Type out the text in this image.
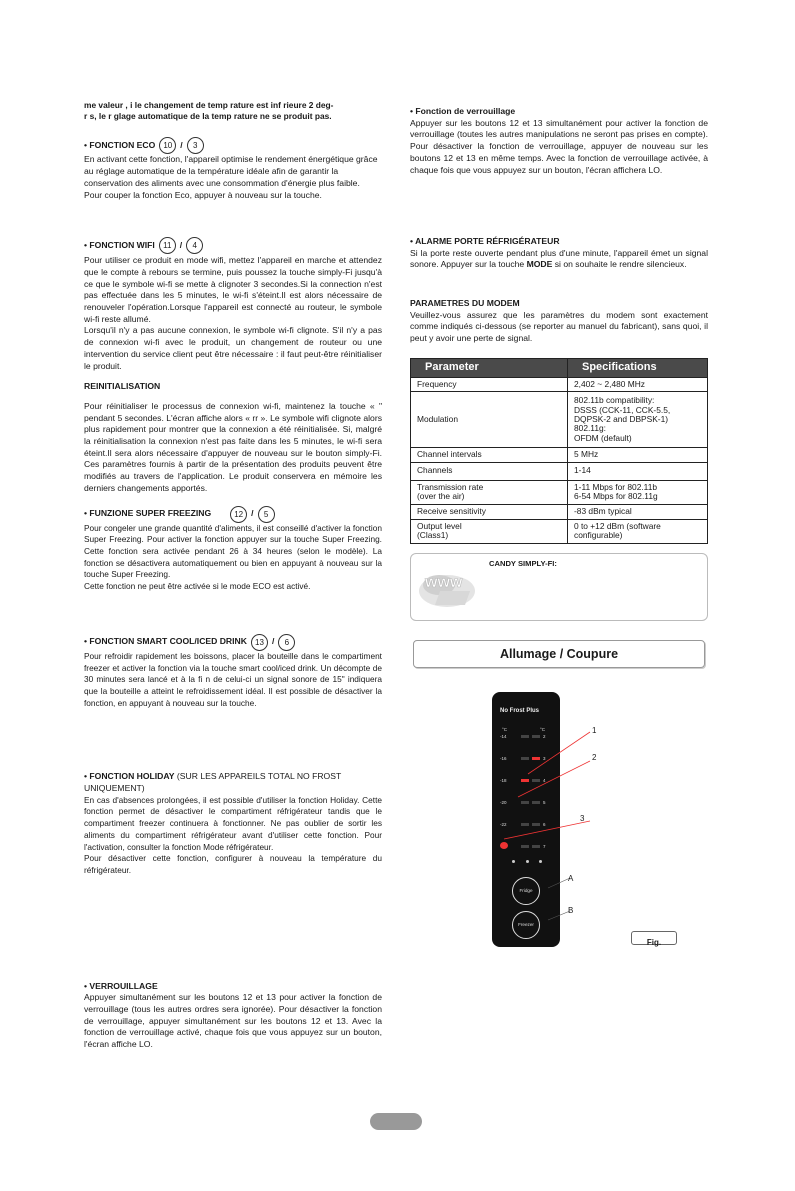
me valeur , i le changement de temp rature est inf rieure 2 deg-
r s, le r glage automatique de la temp rature ne se produit pas.

• FONCTION ECO	10 /	3

En activant cette fonction, l'appareil optimise le rendement énergétique grâce au réglage automatique de la température idéale afin de garantir la conservation des aliments avec une consommation d'énergie plus faible.
Pour couper la fonction Eco, appuyer à nouveau sur la touche.

• FONCTION WIFI	11 /	4

Pour utiliser ce produit en mode wifi, mettez l'appareil en marche et attendez que le compte à rebours se termine, puis poussez la touche simply-Fi jusqu'à ce que le symbole wi-fi se mette à clignoter 3 secondes.Si la connection n'est pas effectuée dans les 5 minutes, le wi-fi s'éteint.Il est alors nécessaire de renouveler l'opération.Lorsque l'appareil est connecté au routeur, le symbole wi-fi reste allumé.
Lorsqu'il n'y a pas aucune connexion, le symbole wi-fi clignote. S'il n'y a pas de connexion wi-fi avec le produit, un changement de routeur ou une intervention du service client peut être nécessaire : il faut peut-être réinitialiser le produit.

REINITIALISATION

Pour réinitialiser le processus de connexion wi-fi, maintenez la touche « " pendant 5 secondes. L'écran affiche alors « rr ». Le symbole wifi clignote alors plus rapidement pour montrer que la connexion a été réinitialisée. Si, malgré la réinitialisation la connexion n'est pas faite dans les 5 minutes, le wi-fi sera éteint.Il sera alors nécessaire d'appuyer de nouveau sur le bouton simply-Fi. Ces paramètres fournis à partir de la présentation des produits peuvent être modifiés au travers de l'application. Le produit conservera en mémoire les derniers changements apportés.

• FUNZIONE SUPER FREEZING	12 /	5

Pour congeler une grande quantité d'aliments, il est conseillé d'activer la fonction Super Freezing. Pour activer la fonction appuyer sur la touche Super Freezing. Cette fonction sera activée pendant 26 à 34 heures (selon le modèle). La fonction se désactivera automatiquement ou bien en appuyant à nouveau sur la touche Super Freezing.
Cette fonction ne peut être activée si le mode ECO est activé.

• FONCTION SMART COOL/ICED DRINK	13 /	6

Pour refroidir rapidement les boissons, placer la bouteille dans le compartiment freezer et activer la fonction via la touche smart cool/iced drink. Un décompte de 30 minutes sera lancé et à la fi n de celui-ci un signal sonore de 15" indiquera que la bouteille a atteint le refroidissement idéal. Il est possible de désactiver la fonction, en appuyant à nouveau sur la touche.

• FONCTION HOLIDAY (SUR LES APPAREILS TOTAL NO FROST UNIQUEMENT)

En cas d'absences prolongées, il est possible d'utiliser la fonction Holiday. Cette fonction permet de désactiver le compartiment réfrigérateur tandis que le compartiment freezer continuera à fonctionner. Ne pas oublier de sortir les aliments du compartiment réfrigérateur avant d'utiliser cette fonction. Pour l'activation, consulter la fonction Mode réfrigérateur.
Pour désactiver cette fonction, configurer à nouveau la température du réfrigérateur.

• VERROUILLAGE

Appuyer simultanément sur les boutons 12 et 13 pour activer la fonction de verrouillage (tous les autres ordres sera ignorée). Pour désactiver la fonction de verrouillage, appuyer simultanément sur les boutons 12 et 13. Avec la fonction de verrouillage activé, chaque fois que vous appuyez sur un bouton, l'écran affiche LO.

• Fonction de verrouillage

Appuyer sur les boutons 12 et 13 simultanément pour activer la fonction de verrouillage (toutes les autres manipulations ne seront pas prises en compte). Pour désactiver la fonction de verrouillage, appuyer de nouveau sur les boutons 12 et 13 en même temps. Avec la fonction de verrouillage activée, à chaque fois que vous appuyez sur un bouton, l'écran affichera LO.

• ALARME PORTE RÉFRIGÉRATEUR

Si la porte reste ouverte pendant plus d'une minute, l'appareil émet un signal sonore. Appuyer sur la touche MODE si on souhaite le rendre silencieux.

PARAMETRES DU MODEM

Veuillez-vous assurez que les paramètres du modem sont exactement comme indiqués ci-dessous (se reporter au manuel du fabricant), sans quoi, il peut y avoir une perte de signal.

Parameter	Specifications
Frequency	2,402 ~ 2,480 MHz
Modulation	802.11b compatibility:
DSSS (CCK-11, CCK-5.5,
DQPSK-2 and DBPSK-1)
802.11g:
OFDM (default)
Channel intervals	5 MHz
Channels	1-14
Transmission rate
(over the air)	1-11 Mbps for 802.11b
6-54 Mbps for 802.11g
Receive sensitivity	-83 dBm typical
Output level
(Class1)	0 to +12 dBm (software
configurable)
www
CANDY SIMPLY-FI:
Allumage / Coupure
No Frost Plus
°C	°C
-14	2
-16	3
-18	4
-20	5
-22	6
7
Fridge
Freezer
1
2
3
A
B
Fig.
